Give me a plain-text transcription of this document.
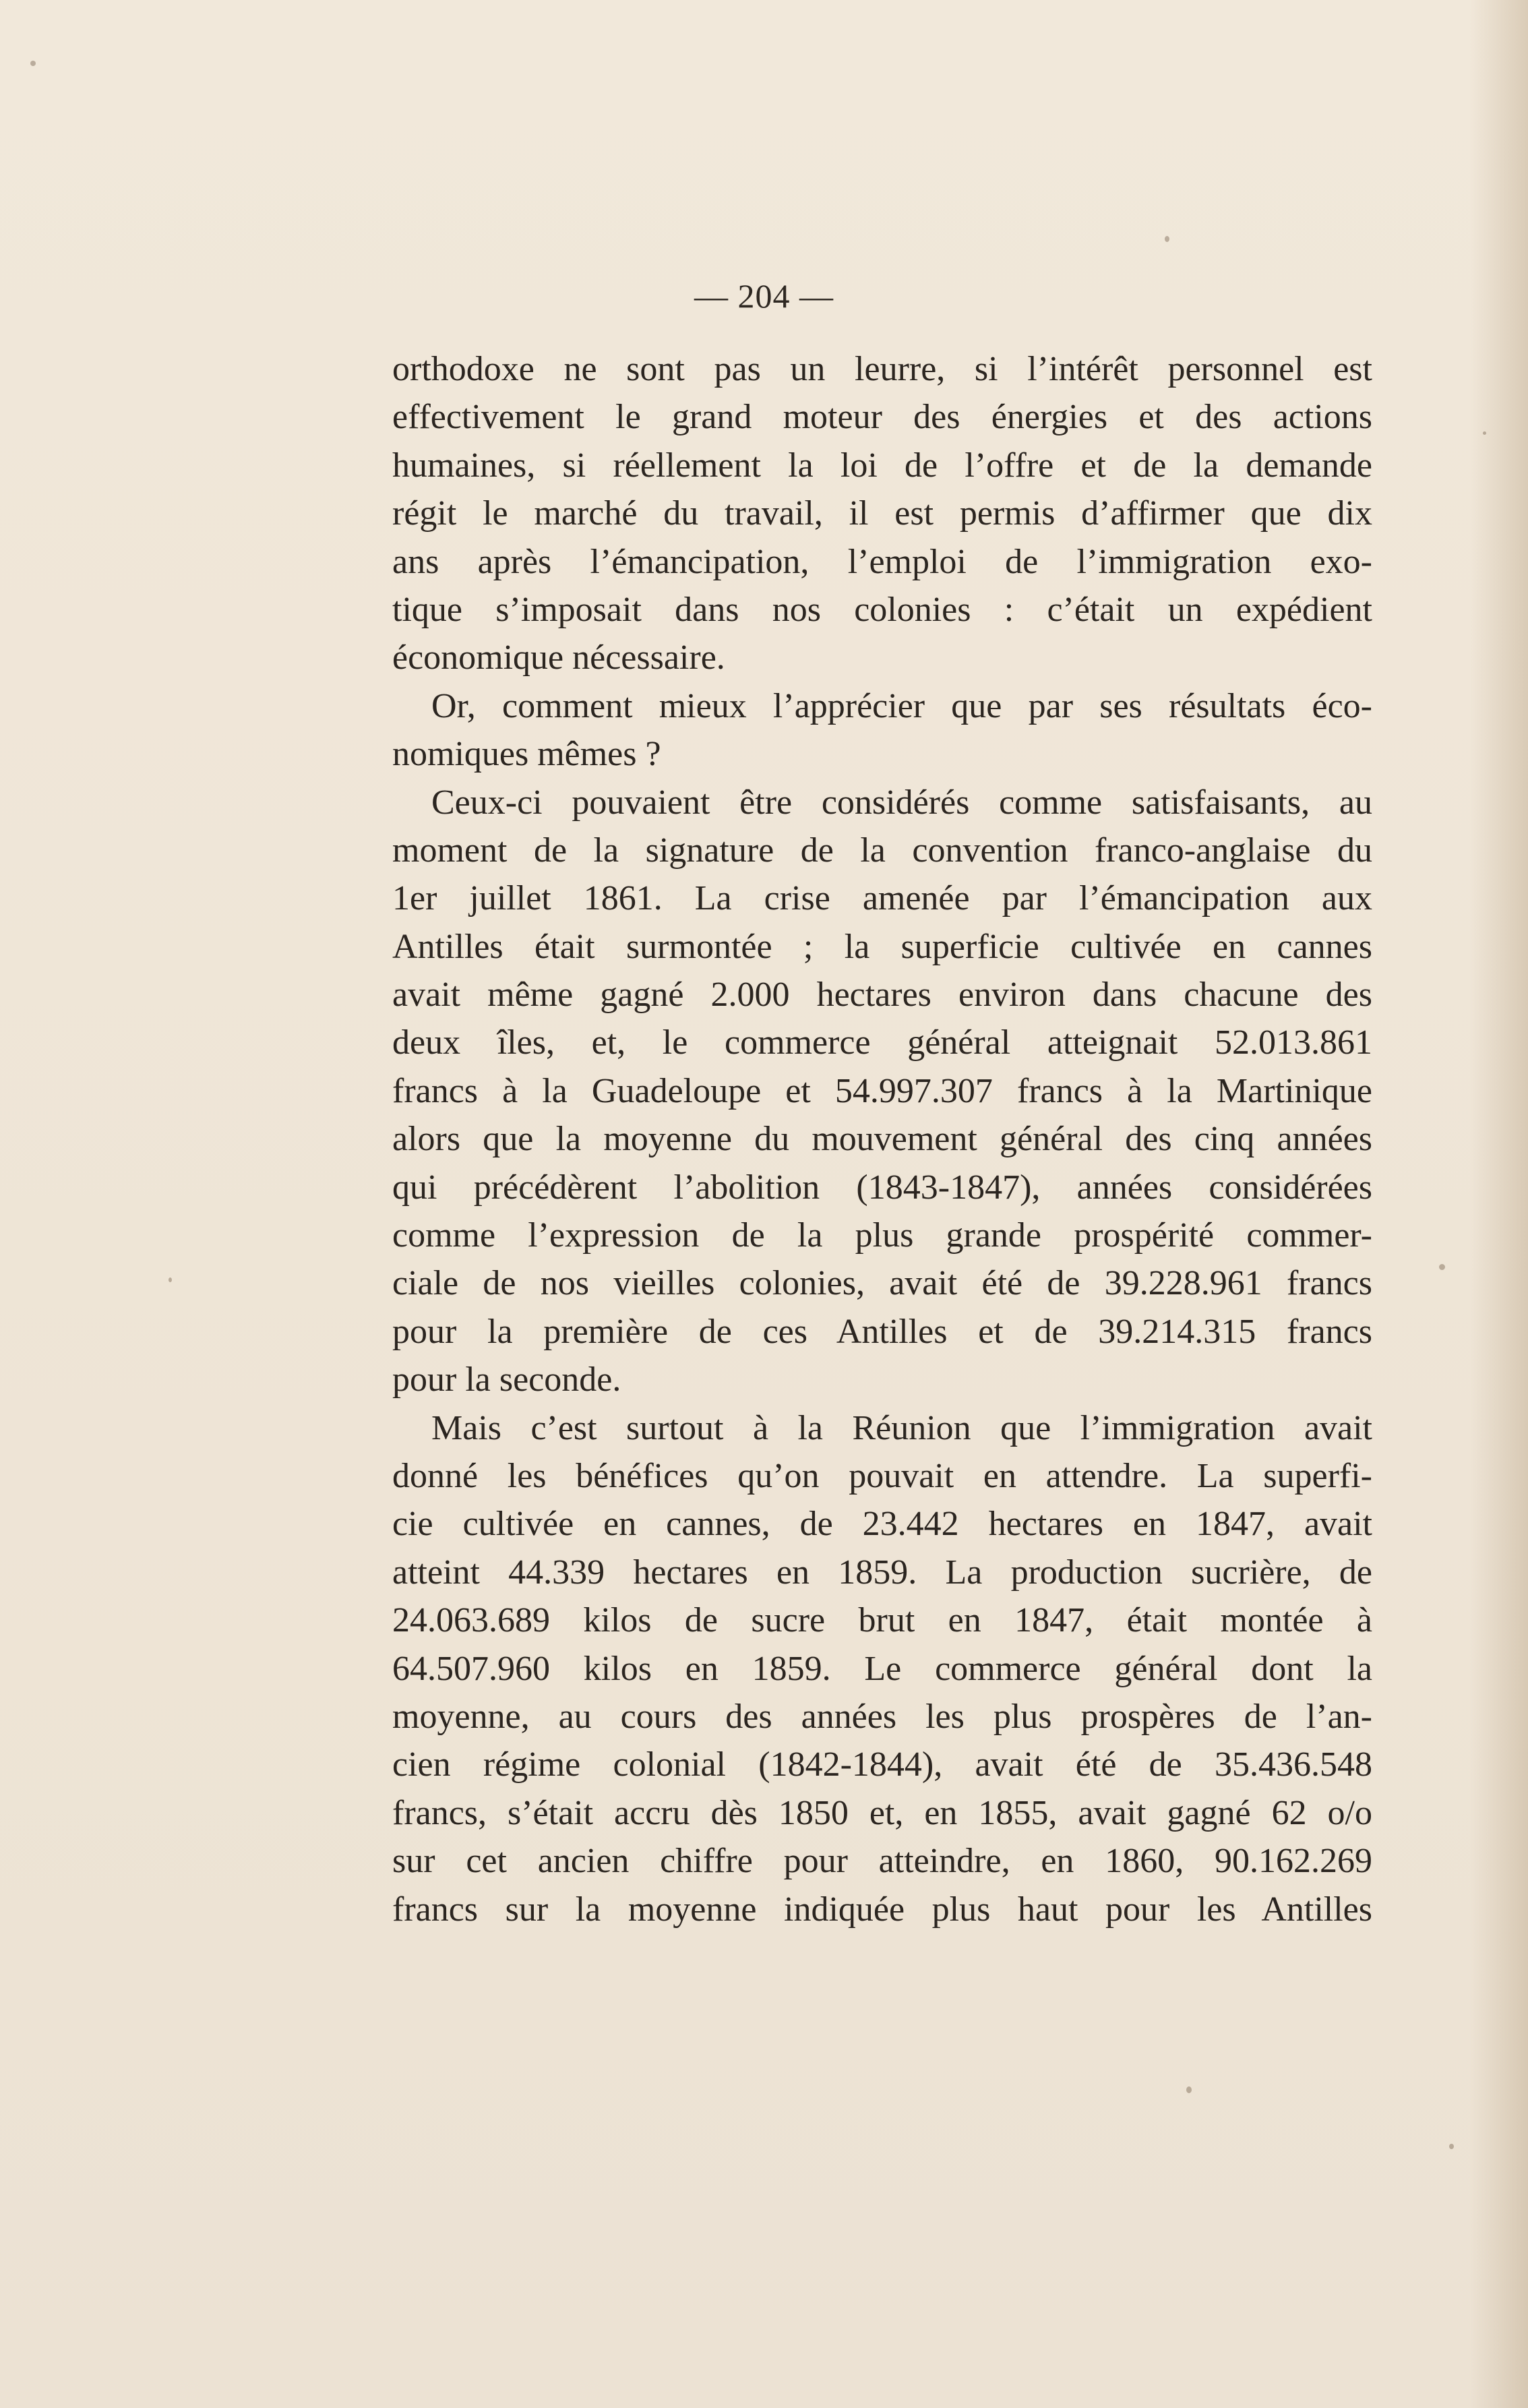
— 204 —
orthodoxe ne sont pas un leurre, si l’intérêt personnel est
effectivement le grand moteur des énergies et des actions
humaines, si réellement la loi de l’offre et de la demande
régit le marché du travail, il est permis d’affirmer que dix
ans après l’émancipation, l’emploi de l’immigration exo-
tique s’imposait dans nos colonies : c’était un expédient
économique nécessaire.
Or, comment mieux l’apprécier que par ses résultats éco-
nomiques mêmes ?
Ceux-ci pouvaient être considérés comme satisfaisants, au
moment de la signature de la convention franco-anglaise du
1er juillet 1861. La crise amenée par l’émancipation aux
Antilles était surmontée ; la superficie cultivée en cannes
avait même gagné 2.000 hectares environ dans chacune des
deux îles, et, le commerce général atteignait 52.013.861
francs à la Guadeloupe et 54.997.307 francs à la Martinique
alors que la moyenne du mouvement général des cinq années
qui précédèrent l’abolition (1843-1847), années considérées
comme l’expression de la plus grande prospérité commer-
ciale de nos vieilles colonies, avait été de 39.228.961 francs
pour la première de ces Antilles et de 39.214.315 francs
pour la seconde.
Mais c’est surtout à la Réunion que l’immigration avait
donné les bénéfices qu’on pouvait en attendre. La superfi-
cie cultivée en cannes, de 23.442 hectares en 1847, avait
atteint 44.339 hectares en 1859. La production sucrière, de
24.063.689 kilos de sucre brut en 1847, était montée à
64.507.960 kilos en 1859. Le commerce général dont la
moyenne, au cours des années les plus prospères de l’an-
cien régime colonial (1842-1844), avait été de 35.436.548
francs, s’était accru dès 1850 et, en 1855, avait gagné 62 o/o
sur cet ancien chiffre pour atteindre, en 1860, 90.162.269
francs sur la moyenne indiquée plus haut pour les Antilles
